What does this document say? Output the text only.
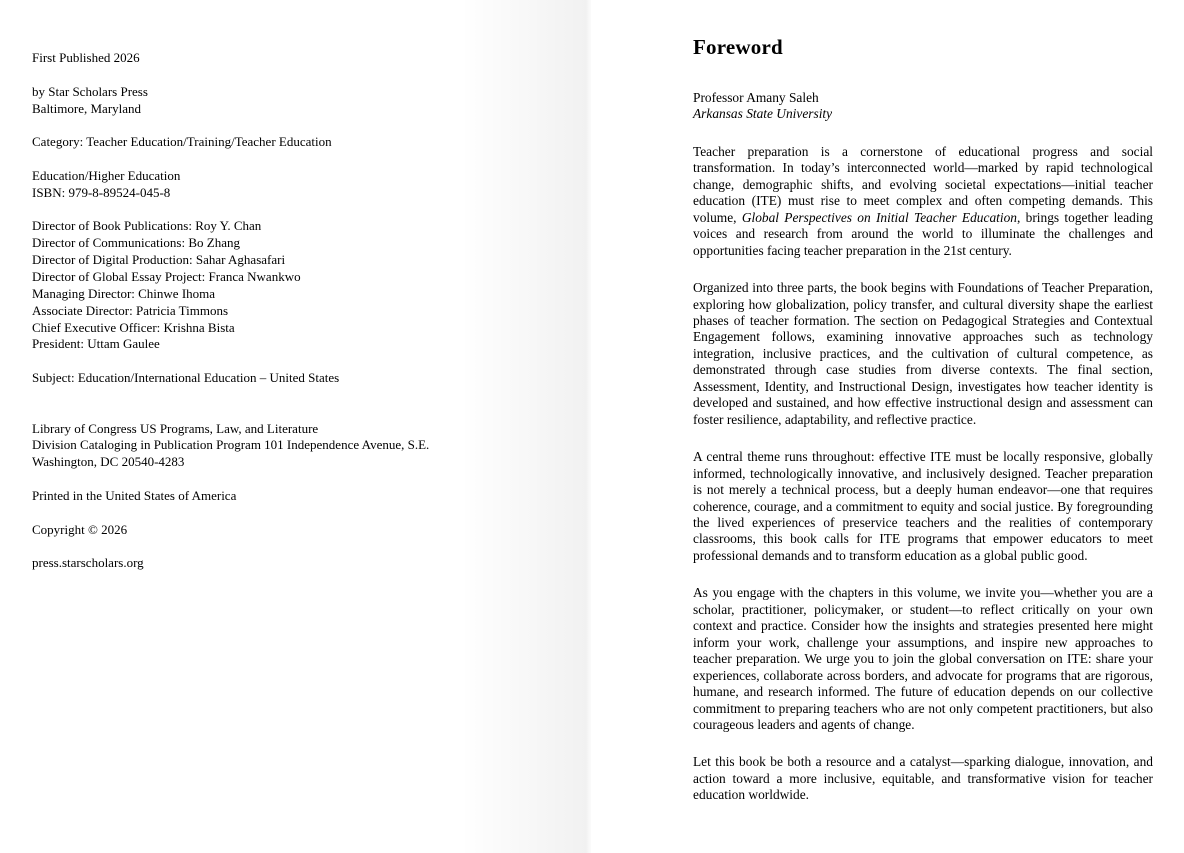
First Published 2026
by Star Scholars Press
Baltimore, Maryland
Category: Teacher Education/Training/Teacher Education
Education/Higher Education
ISBN: 979-8-89524-045-8
Director of Book Publications: Roy Y. Chan
Director of Communications: Bo Zhang
Director of Digital Production: Sahar Aghasafari
Director of Global Essay Project: Franca Nwankwo
Managing Director: Chinwe Ihoma
Associate Director: Patricia Timmons
Chief Executive Officer: Krishna Bista
President: Uttam Gaulee
Subject: Education/International Education – United States
Library of Congress US Programs, Law, and Literature
Division Cataloging in Publication Program 101 Independence Avenue, S.E.
Washington, DC 20540-4283
Printed in the United States of America
Copyright © 2026
press.starscholars.org
Foreword

Professor Amany Saleh

Arkansas State University

Teacher preparation is a cornerstone of educational progress and social transformation. In today’s interconnected world—marked by rapid technological change, demographic shifts, and evolving societal expectations—initial teacher education (ITE) must rise to meet complex and often competing demands. This volume, Global Perspectives on Initial Teacher Education, brings together leading voices and research from around the world to illuminate the challenges and opportunities facing teacher preparation in the 21st century.

Organized into three parts, the book begins with Foundations of Teacher Preparation, exploring how globalization, policy transfer, and cultural diversity shape the earliest phases of teacher formation. The section on Pedagogical Strategies and Contextual Engagement follows, examining innovative approaches such as technology integration, inclusive practices, and the cultivation of cultural competence, as demonstrated through case studies from diverse contexts. The final section, Assessment, Identity, and Instructional Design, investigates how teacher identity is developed and sustained, and how effective instructional design and assessment can foster resilience, adaptability, and reflective practice.

A central theme runs throughout: effective ITE must be locally responsive, globally informed, technologically innovative, and inclusively designed. Teacher preparation is not merely a technical process, but a deeply human endeavor—one that requires coherence, courage, and a commitment to equity and social justice. By foregrounding the lived experiences of preservice teachers and the realities of contemporary classrooms, this book calls for ITE programs that empower educators to meet professional demands and to transform education as a global public good.

As you engage with the chapters in this volume, we invite you—whether you are a scholar, practitioner, policymaker, or student—to reflect critically on your own context and practice. Consider how the insights and strategies presented here might inform your work, challenge your assumptions, and inspire new approaches to teacher preparation. We urge you to join the global conversation on ITE: share your experiences, collaborate across borders, and advocate for programs that are rigorous, humane, and research informed. The future of education depends on our collective commitment to preparing teachers who are not only competent practitioners, but also courageous leaders and agents of change.

Let this book be both a resource and a catalyst—sparking dialogue, innovation, and action toward a more inclusive, equitable, and transformative vision for teacher education worldwide.
